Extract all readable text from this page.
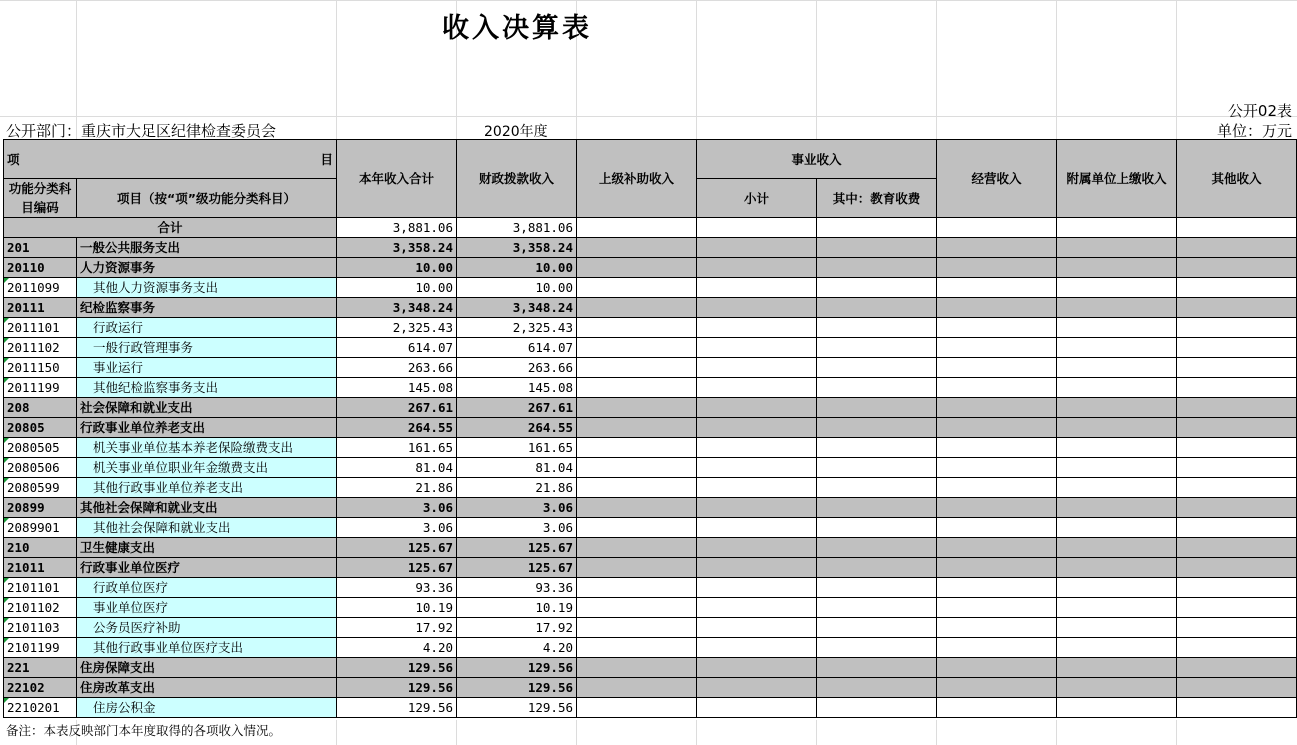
收入决算表
公开02表
公开部门：重庆市大足区纪律检查委员会	2020年度	单位：万元
项 目		本年收入合计	财政拨款收入	上级补助收入	事业收入		经营收入	附属单位上缴收入	其他收入
功能分类科目编码	项目（按“项”级功能分类科目）								
					小计	其中：教育收费			
合计		3,881.06	3,881.06						
201	一般公共服务支出	3,358.24	3,358.24						
20110	人力资源事务	10.00	10.00						
2011099	其他人力资源事务支出	10.00	10.00						
20111	纪检监察事务	3,348.24	3,348.24						
2011101	行政运行	2,325.43	2,325.43						
2011102	一般行政管理事务	614.07	614.07						
2011150	事业运行	263.66	263.66						
2011199	其他纪检监察事务支出	145.08	145.08						
208	社会保障和就业支出	267.61	267.61						
20805	行政事业单位养老支出	264.55	264.55						
2080505	机关事业单位基本养老保险缴费支出	161.65	161.65						
2080506	机关事业单位职业年金缴费支出	81.04	81.04						
2080599	其他行政事业单位养老支出	21.86	21.86						
20899	其他社会保障和就业支出	3.06	3.06						
2089901	其他社会保障和就业支出	3.06	3.06						
210	卫生健康支出	125.67	125.67						
21011	行政事业单位医疗	125.67	125.67						
2101101	行政单位医疗	93.36	93.36						
2101102	事业单位医疗	10.19	10.19						
2101103	公务员医疗补助	17.92	17.92						
2101199	其他行政事业单位医疗支出	4.20	4.20						
221	住房保障支出	129.56	129.56						
22102	住房改革支出	129.56	129.56						
2210201	住房公积金	129.56	129.56						
备注：本表反映部门本年度取得的各项收入情况。
